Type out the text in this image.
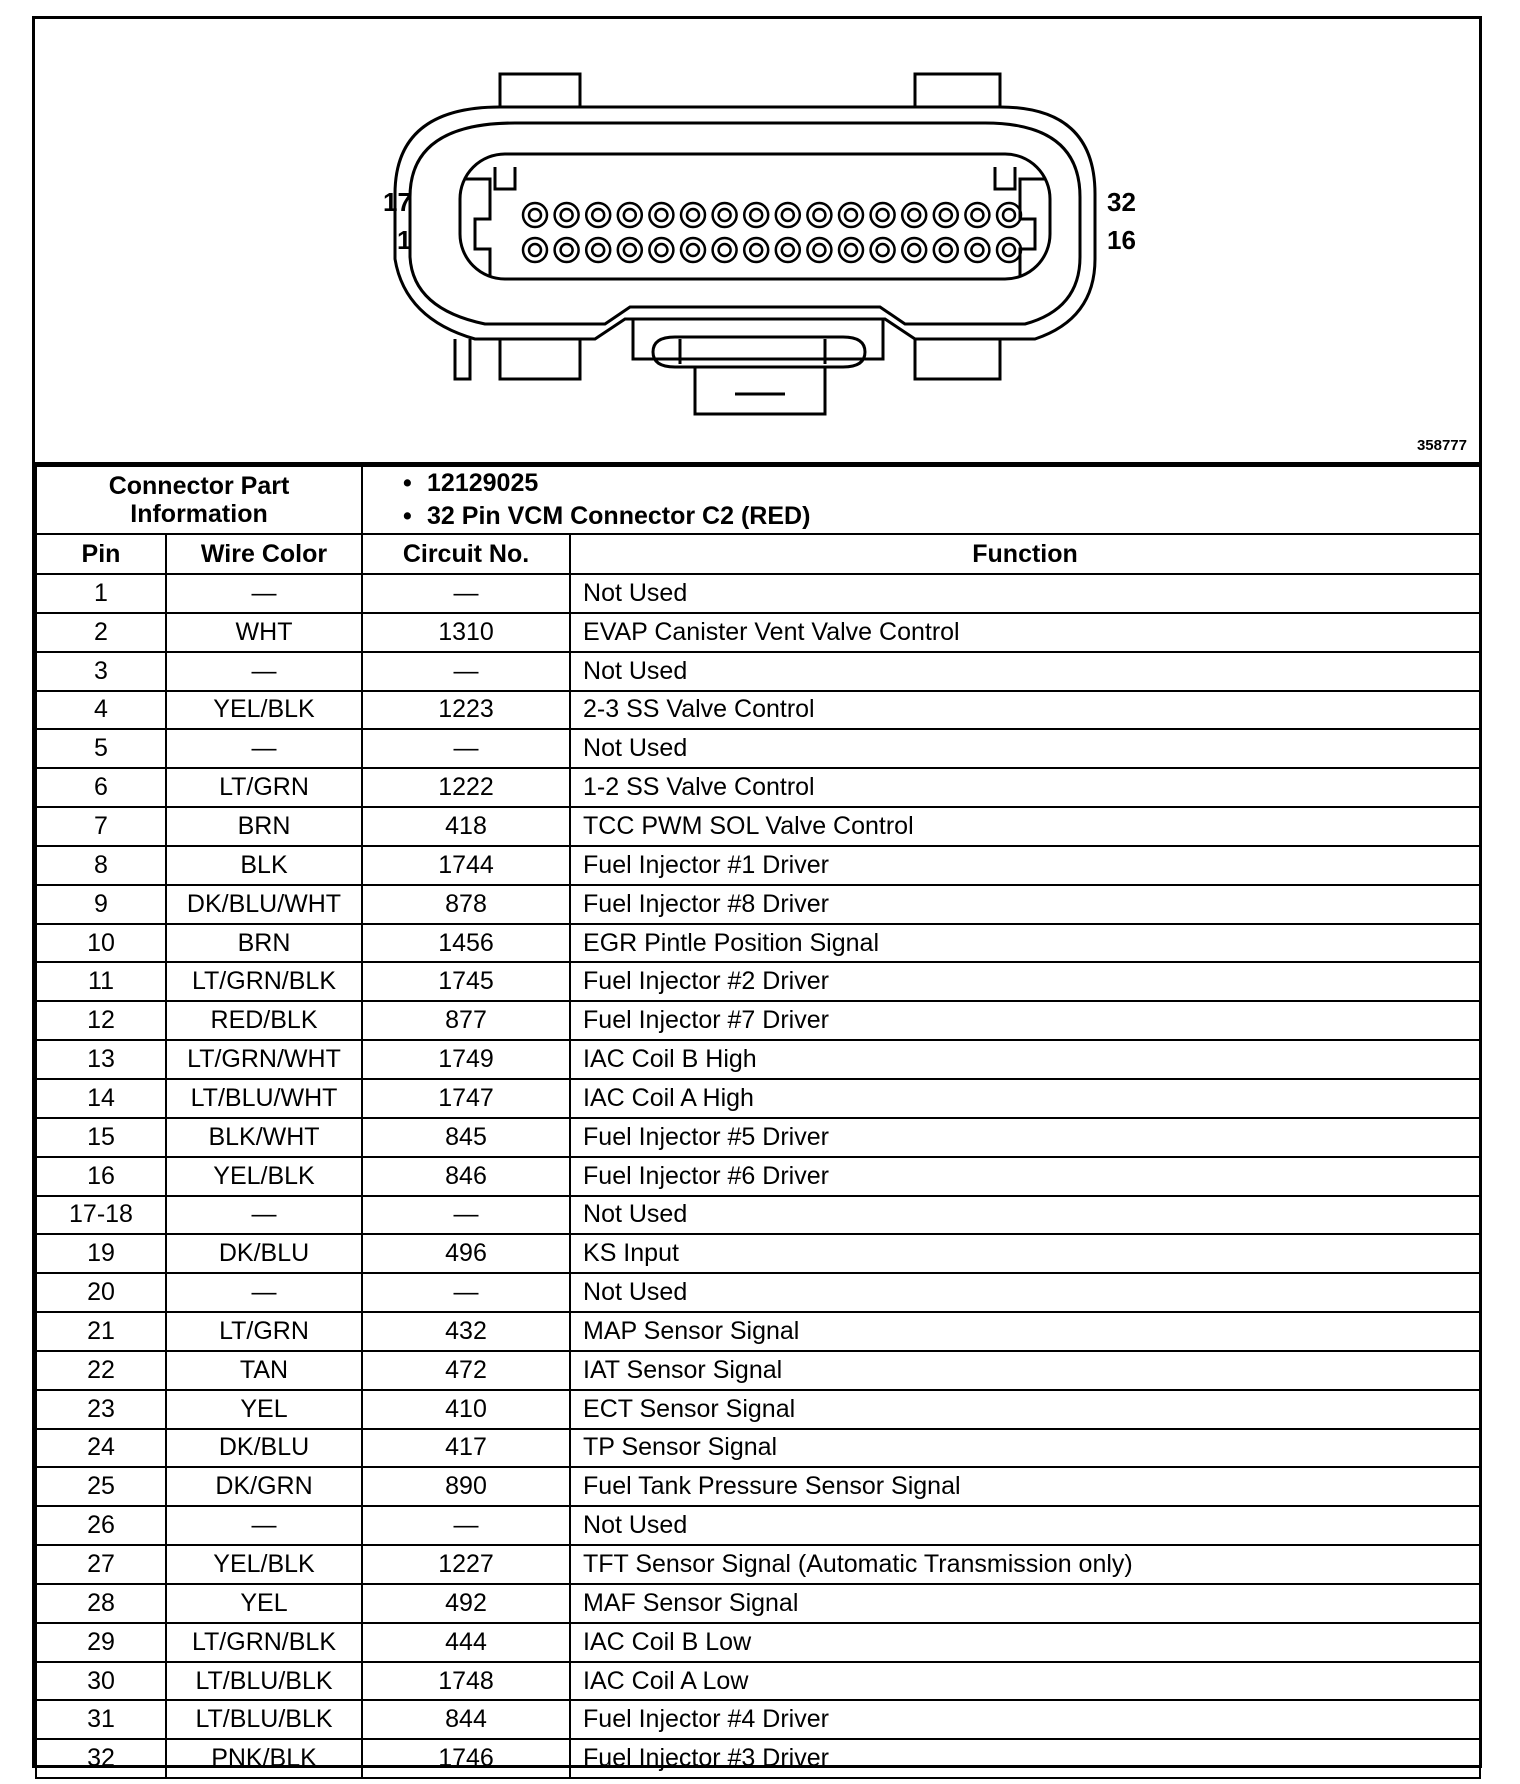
17
1
32
16
358777
Connector Part Information		• 12129025
• 32 Pin VCM Connector C2 (RED)	

Pin	Wire Color	Circuit No.	Function
1	—	—	Not Used
2	WHT	1310	EVAP Canister Vent Valve Control
3	—	—	Not Used
4	YEL/BLK	1223	2-3 SS Valve Control
5	—	—	Not Used
6	LT/GRN	1222	1-2 SS Valve Control
7	BRN	418	TCC PWM SOL Valve Control
8	BLK	1744	Fuel Injector #1 Driver
9	DK/BLU/WHT	878	Fuel Injector #8 Driver
10	BRN	1456	EGR Pintle Position Signal
11	LT/GRN/BLK	1745	Fuel Injector #2 Driver
12	RED/BLK	877	Fuel Injector #7 Driver
13	LT/GRN/WHT	1749	IAC Coil B High
14	LT/BLU/WHT	1747	IAC Coil A High
15	BLK/WHT	845	Fuel Injector #5 Driver
16	YEL/BLK	846	Fuel Injector #6 Driver
17-18	—	—	Not Used
19	DK/BLU	496	KS Input
20	—	—	Not Used
21	LT/GRN	432	MAP Sensor Signal
22	TAN	472	IAT Sensor Signal
23	YEL	410	ECT Sensor Signal
24	DK/BLU	417	TP Sensor Signal
25	DK/GRN	890	Fuel Tank Pressure Sensor Signal
26	—	—	Not Used
27	YEL/BLK	1227	TFT Sensor Signal (Automatic Transmission only)
28	YEL	492	MAF Sensor Signal
29	LT/GRN/BLK	444	IAC Coil B Low
30	LT/BLU/BLK	1748	IAC Coil A Low
31	LT/BLU/BLK	844	Fuel Injector #4 Driver
32	PNK/BLK	1746	Fuel Injector #3 Driver
